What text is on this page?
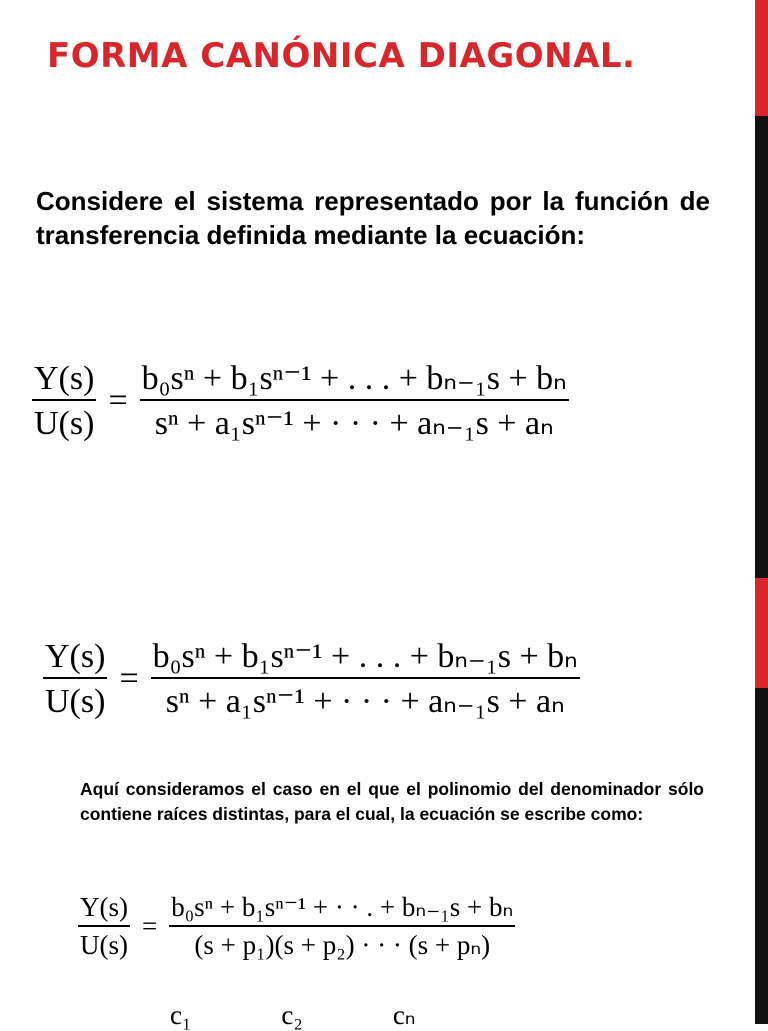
FORMA CANÓNICA DIAGONAL.

Considere el sistema representado por la función de transferencia definida mediante la ecuación:

$\frac{Y(s)}{U(s)} = \frac{\text{b₀sⁿ + b₁sⁿ⁻¹ + . . . + bₙ₋₁s + bₙ}}{\text{sⁿ + a₁sⁿ⁻¹ + · · · + aₙ₋₁s + aₙ}}$
$\frac{Y(s)}{U(s)} = \frac{\text{b₀sⁿ + b₁sⁿ⁻¹ + . . . + bₙ₋₁s + bₙ}}{\text{sⁿ + a₁sⁿ⁻¹ + · · · + aₙ₋₁s + aₙ}}$

Aquí consideramos el caso en el que el polinomio del denominador sólo contiene raíces distintas, para el cual, la ecuación se escribe como:

$\frac{Y(s)}{U(s)} = \frac{\text{b₀sⁿ + b₁sⁿ⁻¹ + · · . + bₙ₋₁s + bₙ}}{\text{(s + p₁)(s + p₂) · · · (s + pₙ)}}$
c₁	c₂	cₙ
